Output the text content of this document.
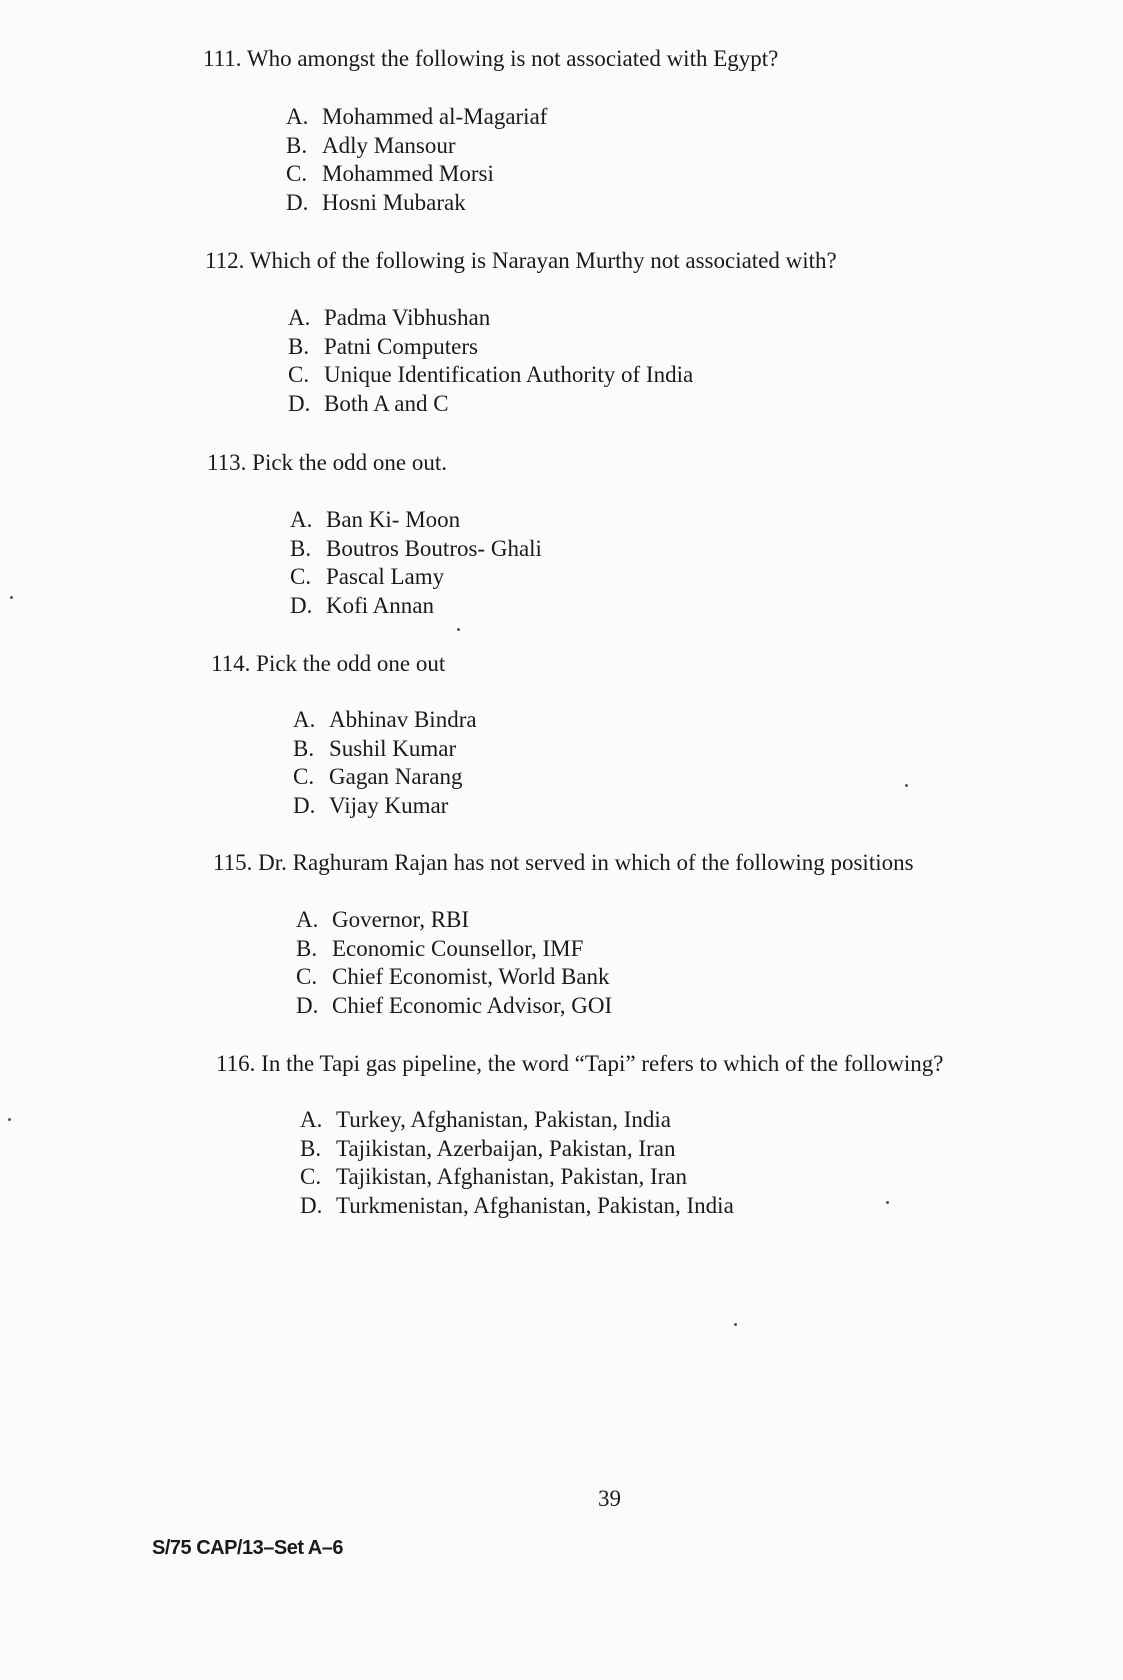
111. Who amongst the following is not associated with Egypt?
A. Mohammed al-Magariaf
B. Adly Mansour
C. Mohammed Morsi
D. Hosni Mubarak
112. Which of the following is Narayan Murthy not associated with?
A. Padma Vibhushan
B. Patni Computers
C. Unique Identification Authority of India
D. Both A and C
113. Pick the odd one out.
A. Ban Ki- Moon
B. Boutros Boutros- Ghali
C. Pascal Lamy
D. Kofi Annan
114. Pick the odd one out
A. Abhinav Bindra
B. Sushil Kumar
C. Gagan Narang
D. Vijay Kumar
115. Dr. Raghuram Rajan has not served in which of the following positions
A. Governor, RBI
B. Economic Counsellor, IMF
C. Chief Economist, World Bank
D. Chief Economic Advisor, GOI
116. In the Tapi gas pipeline, the word “Tapi” refers to which of the following?
A. Turkey, Afghanistan, Pakistan, India
B. Tajikistan, Azerbaijan, Pakistan, Iran
C. Tajikistan, Afghanistan, Pakistan, Iran
D. Turkmenistan, Afghanistan, Pakistan, India
39
S/75 CAP/13–Set A–6
